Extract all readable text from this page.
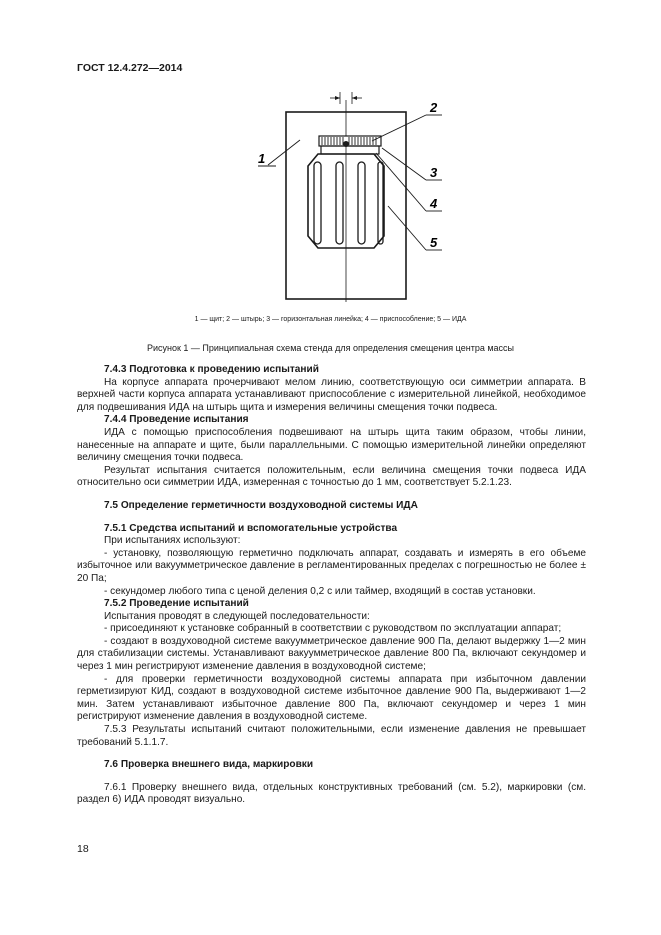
ГОСТ 12.4.272—2014
1
2
3
4
5
1 — щит; 2 — штырь; 3 — горизонтальная линейка; 4 — приспособление; 5 — ИДА
Рисунок 1 — Принципиальная схема стенда для определения смещения центра массы
7.4.3 Подготовка к проведению испытаний

На корпусе аппарата прочерчивают мелом линию, соответствующую оси симметрии аппарата. В верхней части корпуса аппарата устанавливают приспособление с измерительной линейкой, необходимое для подвешивания ИДА на штырь щита и измерения величины смещения точки подвеса.

7.4.4 Проведение испытания

ИДА с помощью приспособления подвешивают на штырь щита таким образом, чтобы линии, нанесенные на аппарате и щите, были параллельными. С помощью измерительной линейки определяют величину смещения точки подвеса.

Результат испытания считается положительным, если величина смещения точки подвеса ИДА относительно оси симметрии ИДА, измеренная с точностью до 1 мм, соответствует 5.2.1.23.

7.5 Определение герметичности воздуховодной системы ИДА
7.5.1 Средства испытаний и вспомогательные устройства

При испытаниях используют:

- установку, позволяющую герметично подключать аппарат, создавать и измерять в его объеме избыточное или вакуумметрическое давление в регламентированных пределах с погрешностью не более ± 20 Па;

- секундомер любого типа с ценой деления 0,2 с или таймер, входящий в состав установки.

7.5.2 Проведение испытаний

Испытания проводят в следующей последовательности:

- присоединяют к установке собранный в соответствии с руководством по эксплуатации аппарат;

- создают в воздуховодной системе вакуумметрическое давление 900 Па, делают выдержку 1—2 мин для стабилизации системы. Устанавливают вакуумметрическое давление 800 Па, включают секундомер и через 1 мин регистрируют изменение давления в воздуховодной системе;

- для проверки герметичности воздуховодной системы аппарата при избыточном давлении герметизируют КИД, создают в воздуховодной системе избыточное давление 900 Па, выдерживают 1—2 мин. Затем устанавливают избыточное давление 800 Па, включают секундомер и через 1 мин регистрируют изменение давления в воздуховодной системе.

7.5.3 Результаты испытаний считают положительными, если изменение давления не превышает требований 5.1.1.7.

7.6 Проверка внешнего вида, маркировки

7.6.1 Проверку внешнего вида, отдельных конструктивных требований (см. 5.2), маркировки (см. раздел 6) ИДА проводят визуально.

18
